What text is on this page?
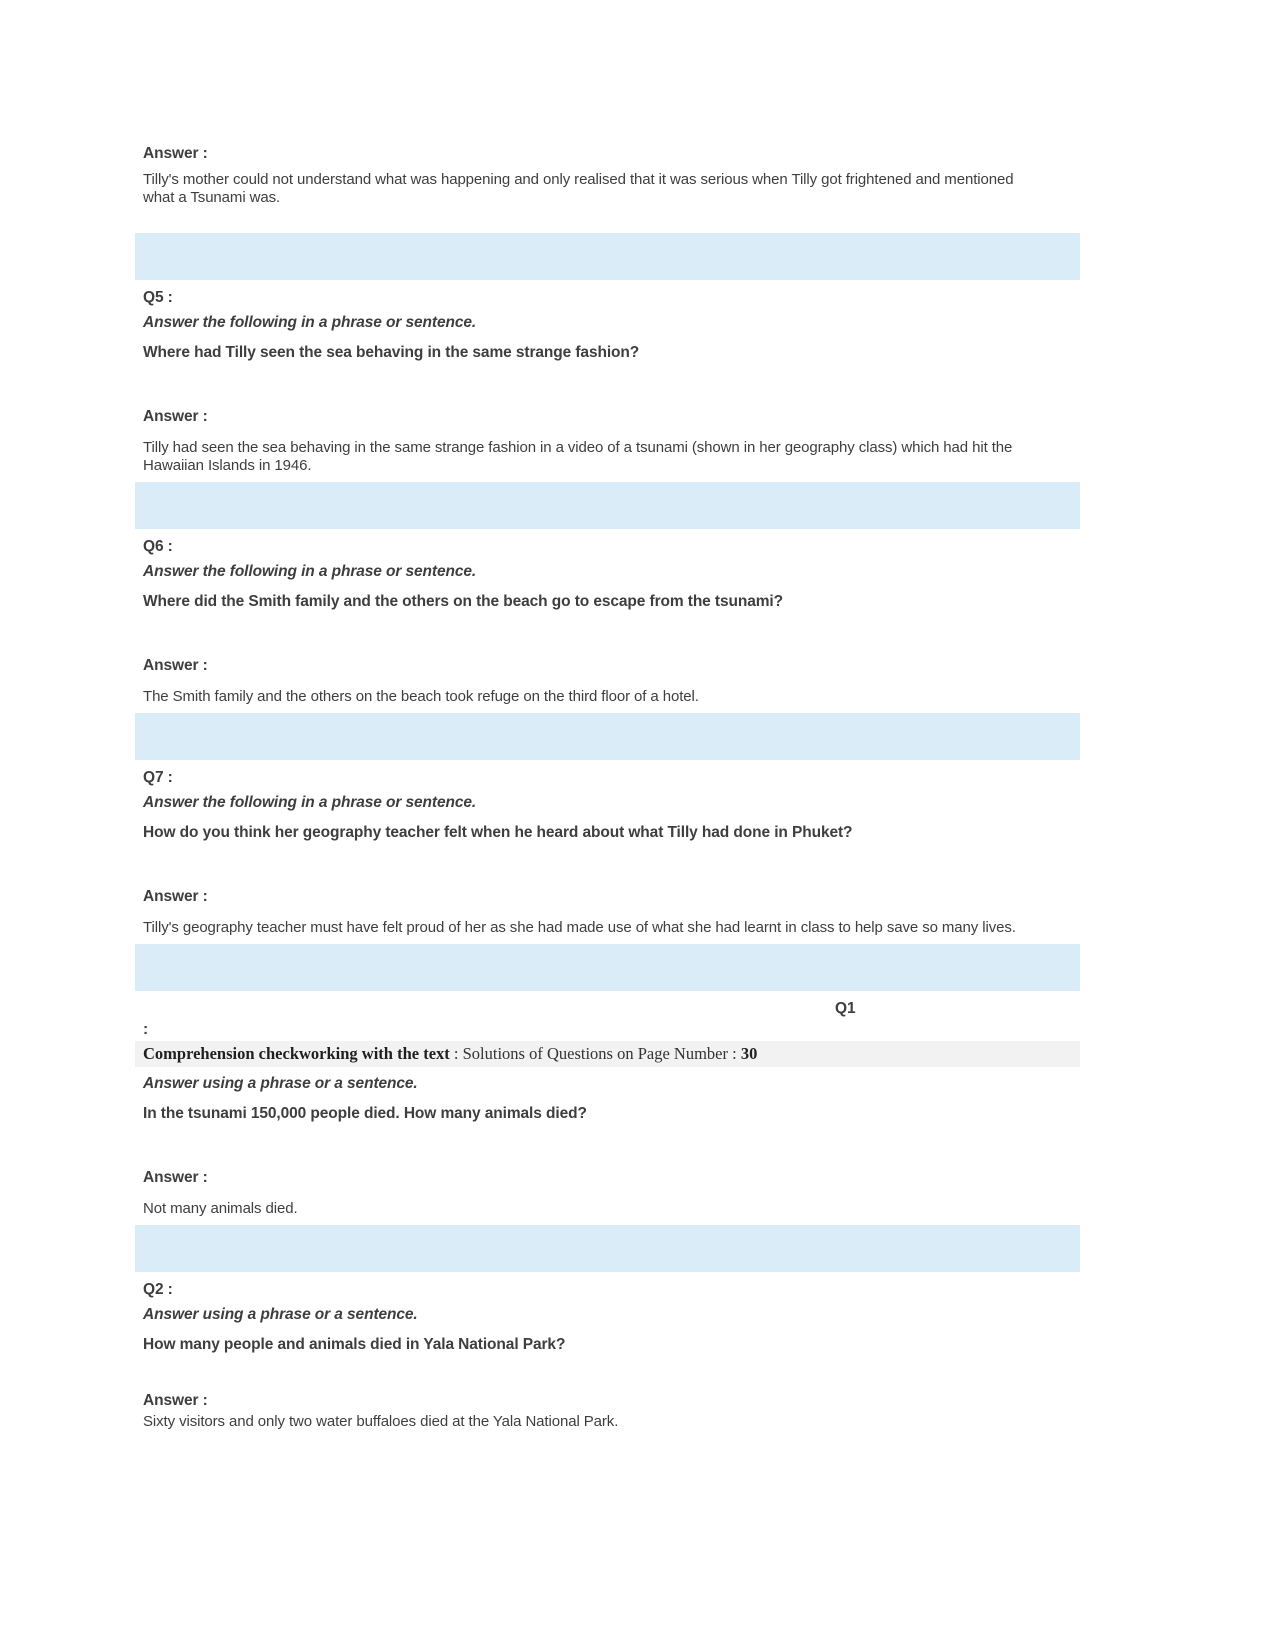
Answer :
Tilly's mother could not understand what was happening and only realised that it was serious when Tilly got frightened and mentioned what a Tsunami was.
Q5 :
Answer the following in a phrase or sentence.
Where had Tilly seen the sea behaving in the same strange fashion?
Answer :
Tilly had seen the sea behaving in the same strange fashion in a video of a tsunami (shown in her geography class) which had hit the Hawaiian Islands in 1946.
Q6 :
Answer the following in a phrase or sentence.
Where did the Smith family and the others on the beach go to escape from the tsunami?
Answer :
The Smith family and the others on the beach took refuge on the third floor of a hotel.
Q7 :
Answer the following in a phrase or sentence.
How do you think her geography teacher felt when he heard about what Tilly had done in Phuket?
Answer :
Tilly's geography teacher must have felt proud of her as she had made use of what she had learnt in class to help save so many lives.
Q1
:
Comprehension checkworking with the text : Solutions of Questions on Page Number : 30
Answer using a phrase or a sentence.
In the tsunami 150,000 people died. How many animals died?
Answer :
Not many animals died.
Q2 :
Answer using a phrase or a sentence.
How many people and animals died in Yala National Park?
Answer :
Sixty visitors and only two water buffaloes died at the Yala National Park.
